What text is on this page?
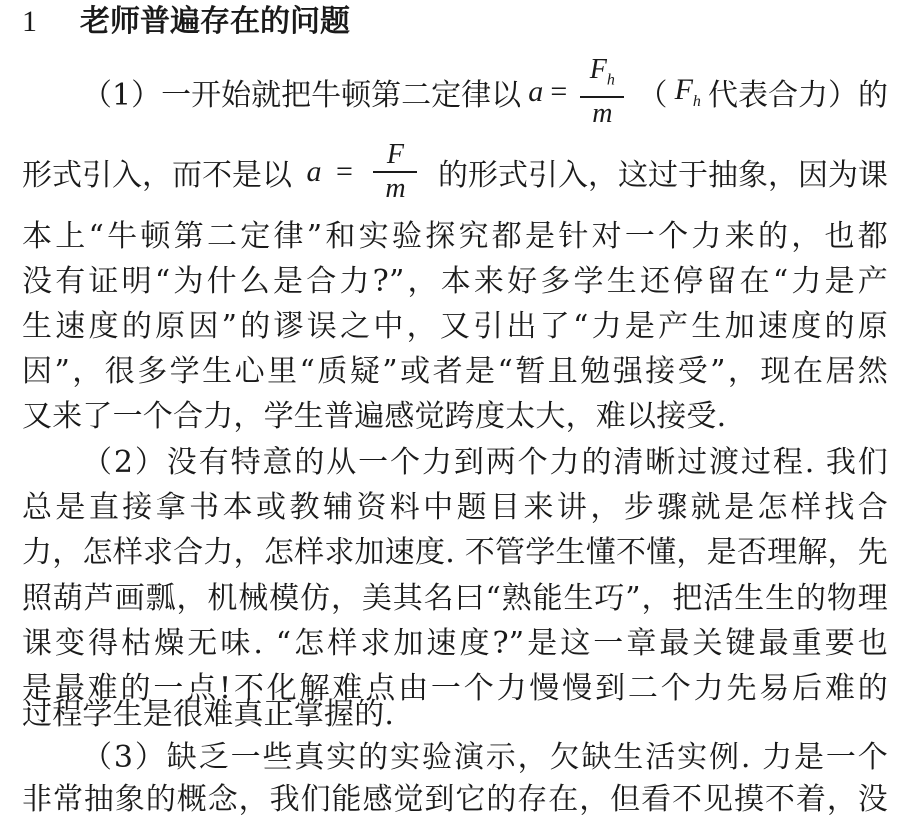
1 老师普遍存在的问题
（1）一开始就把牛顿第二定律以 $a = \frac{F_h}{m}$ （ $F_h$ 代表合力）的
形式引入，而不是以 $a = \frac{F}{m}$ 的形式引入，这过于抽象，因为课
本上“牛顿第二定律”和实验探究都是针对一个力来的，也都
没有证明“为什么是合力?”，本来好多学生还停留在“力是产
生速度的原因”的谬误之中，又引出了“力是产生加速度的原
因”，很多学生心里“质疑”或者是“暂且勉强接受”，现在居然
又来了一个合力，学生普遍感觉跨度太大，难以接受.
（2）没有特意的从一个力到两个力的清晰过渡过程. 我们
总是直接拿书本或教辅资料中题目来讲，步骤就是怎样找合
力，怎样求合力，怎样求加速度. 不管学生懂不懂，是否理解，先
照葫芦画瓢，机械模仿，美其名曰“熟能生巧”，把活生生的物理
课变得枯燥无味. “怎样求加速度?”是这一章最关键最重要也
是最难的一点!不化解难点由一个力慢慢到二个力先易后难的
过程学生是很难真正掌握的.
（3）缺乏一些真实的实验演示，欠缺生活实例. 力是一个
非常抽象的概念，我们能感觉到它的存在，但看不见摸不着，没
